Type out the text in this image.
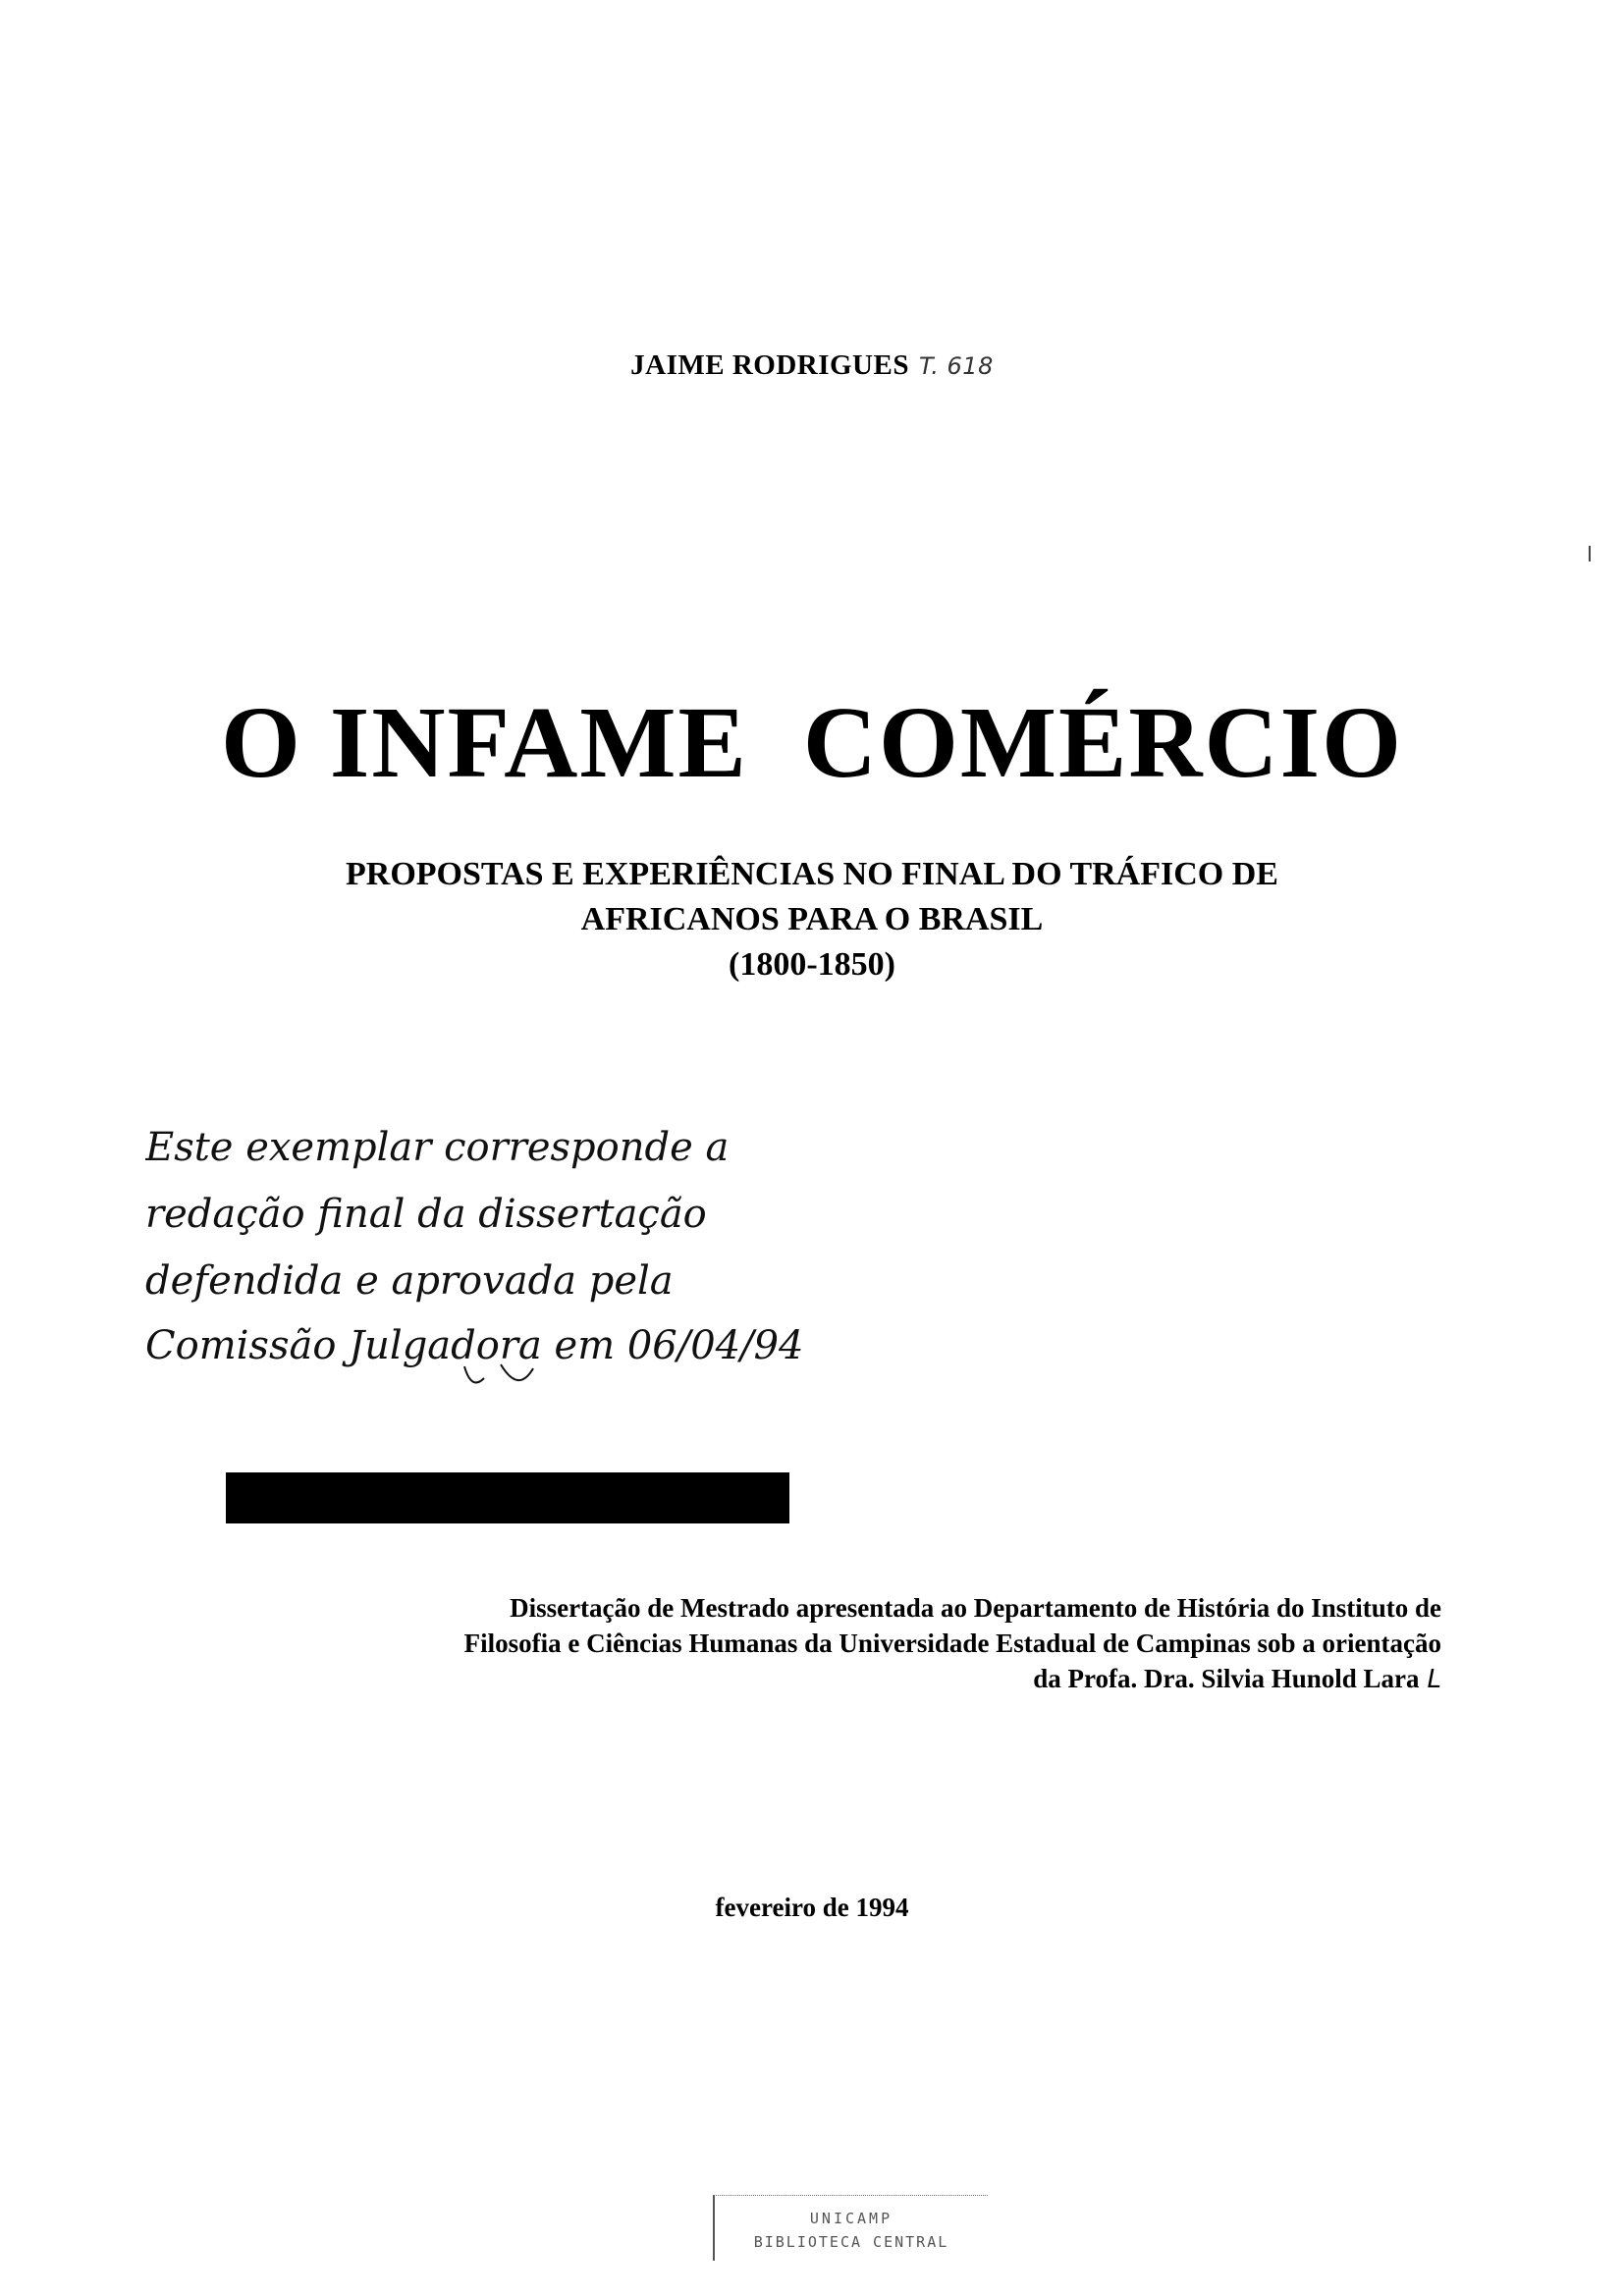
JAIME RODRIGUES T. 618
O INFAME  COMÉRCIO
PROPOSTAS E EXPERIÊNCIAS NO FINAL DO TRÁFICO DE
AFRICANOS PARA O BRASIL
(1800-1850)
Este exemplar corresponde a
redação final da dissertação
defendida e aprovada pela
Comissão Julgadora em 06/04/94
Dissertação de Mestrado apresentada ao Departamento de História do Instituto de
Filosofia e Ciências Humanas da Universidade Estadual de Campinas sob a orientação
da Profa. Dra. Silvia Hunold Lara L
fevereiro de 1994
UNICAMP
BIBLIOTECA CENTRAL
